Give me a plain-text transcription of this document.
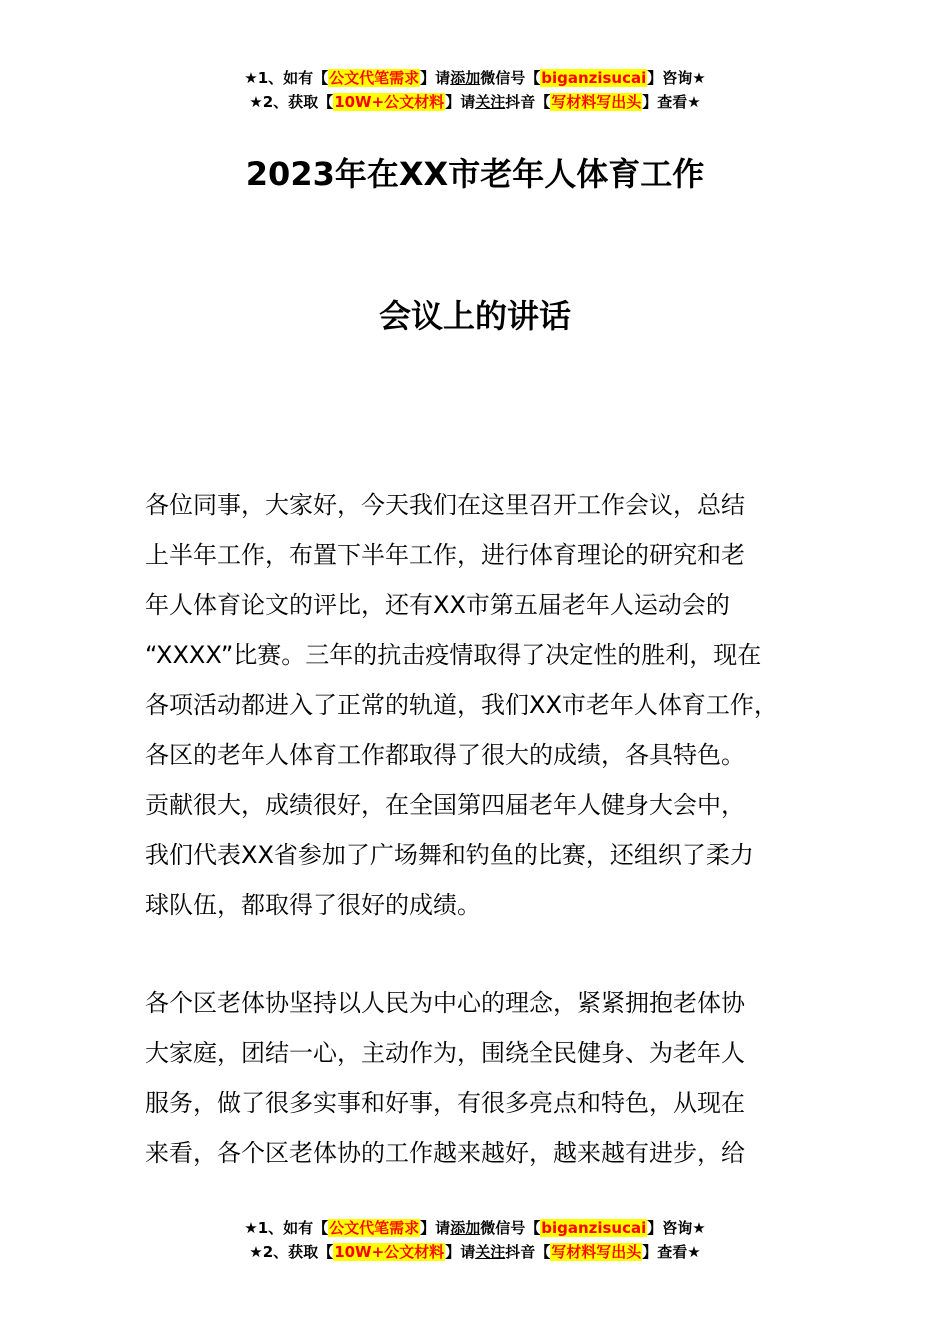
★1、如有【公文代笔需求】请添加微信号【biganzisucai】咨询★
★2、获取【10W+公文材料】请关注抖音【写材料写出头】查看★
2023年在XX市老年人体育工作
会议上的讲话
各位同事，大家好，今天我们在这里召开工作会议，总结
上半年工作，布置下半年工作，进行体育理论的研究和老
年人体育论文的评比，还有XX市第五届老年人运动会的
“XXXX”比赛。三年的抗击疫情取得了决定性的胜利，现在
各项活动都进入了正常的轨道，我们XX市老年人体育工作，
各区的老年人体育工作都取得了很大的成绩，各具特色。
贡献很大，成绩很好，在全国第四届老年人健身大会中，
我们代表XX省参加了广场舞和钓鱼的比赛，还组织了柔力
球队伍，都取得了很好的成绩。
各个区老体协坚持以人民为中心的理念，紧紧拥抱老体协
大家庭，团结一心，主动作为，围绕全民健身、为老年人
服务，做了很多实事和好事，有很多亮点和特色，从现在
来看，各个区老体协的工作越来越好，越来越有进步，给
★1、如有【公文代笔需求】请添加微信号【biganzisucai】咨询★
★2、获取【10W+公文材料】请关注抖音【写材料写出头】查看★
